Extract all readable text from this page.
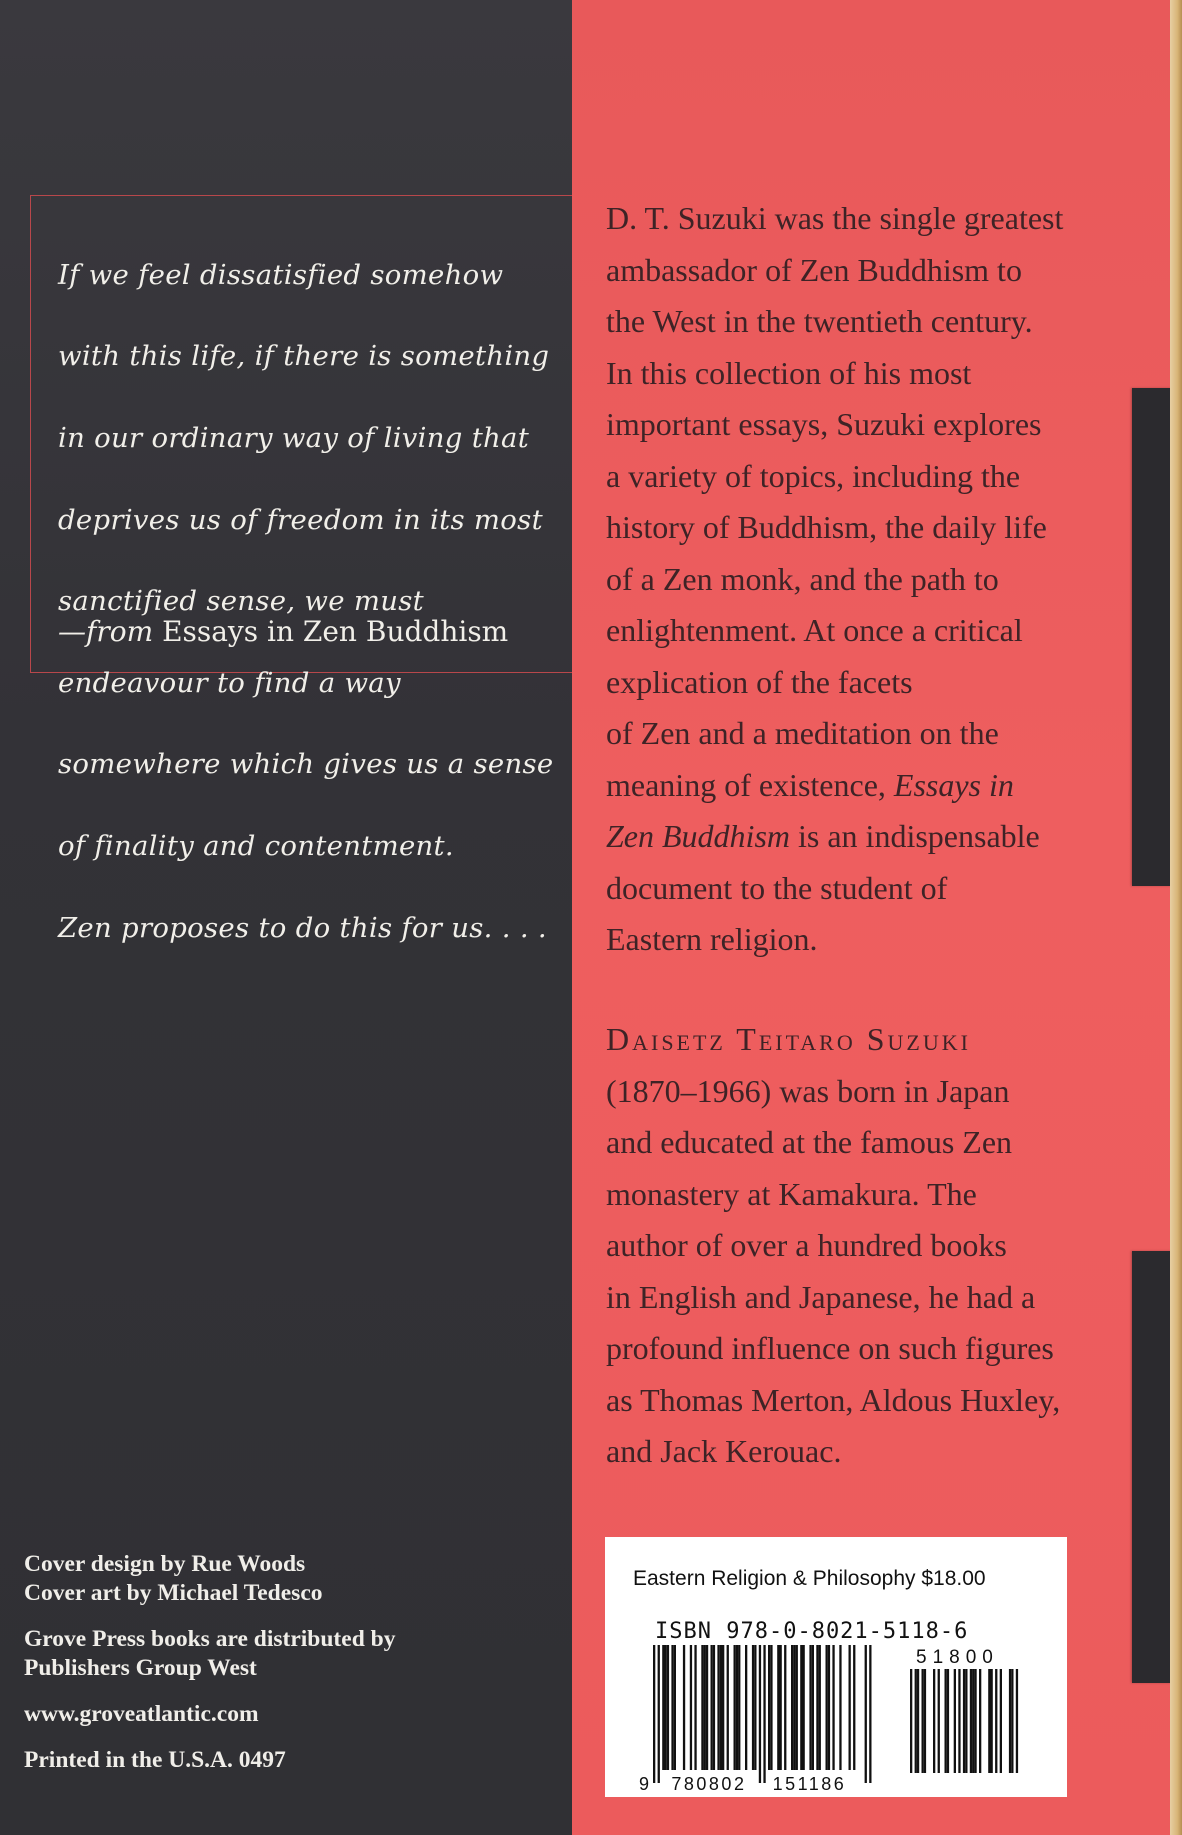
If we feel dissatisfied somehow

with this life, if there is something

in our ordinary way of living that

deprives us of freedom in its most

sanctified sense, we must

endeavour to find a way

somewhere which gives us a sense

of finality and contentment.

Zen proposes to do this for us. . . .

—from Essays in Zen Buddhism
D. T. Suzuki was the single greatest
ambassador of Zen Buddhism to
the West in the twentieth century.
In this collection of his most
important essays, Suzuki explores
a variety of topics, including the
history of Buddhism, the daily life
of a Zen monk, and the path to
enlightenment. At once a critical
explication of the facets
of Zen and a meditation on the
meaning of existence, Essays in
Zen Buddhism is an indispensable
document to the student of
Eastern religion.
Daisetz Teitaro Suzuki
(1870–1966) was born in Japan
and educated at the famous Zen
monastery at Kamakura. The
author of over a hundred books
in English and Japanese, he had a
profound influence on such figures
as Thomas Merton, Aldous Huxley,
and Jack Kerouac.
Cover design by Rue Woods
Cover art by Michael Tedesco
Grove Press books are distributed by
Publishers Group West
www.groveatlantic.com
Printed in the U.S.A. 0497
Eastern Religion & Philosophy $18.00
ISBN 978-0-8021-5118-6
9 780802 151186
51800
